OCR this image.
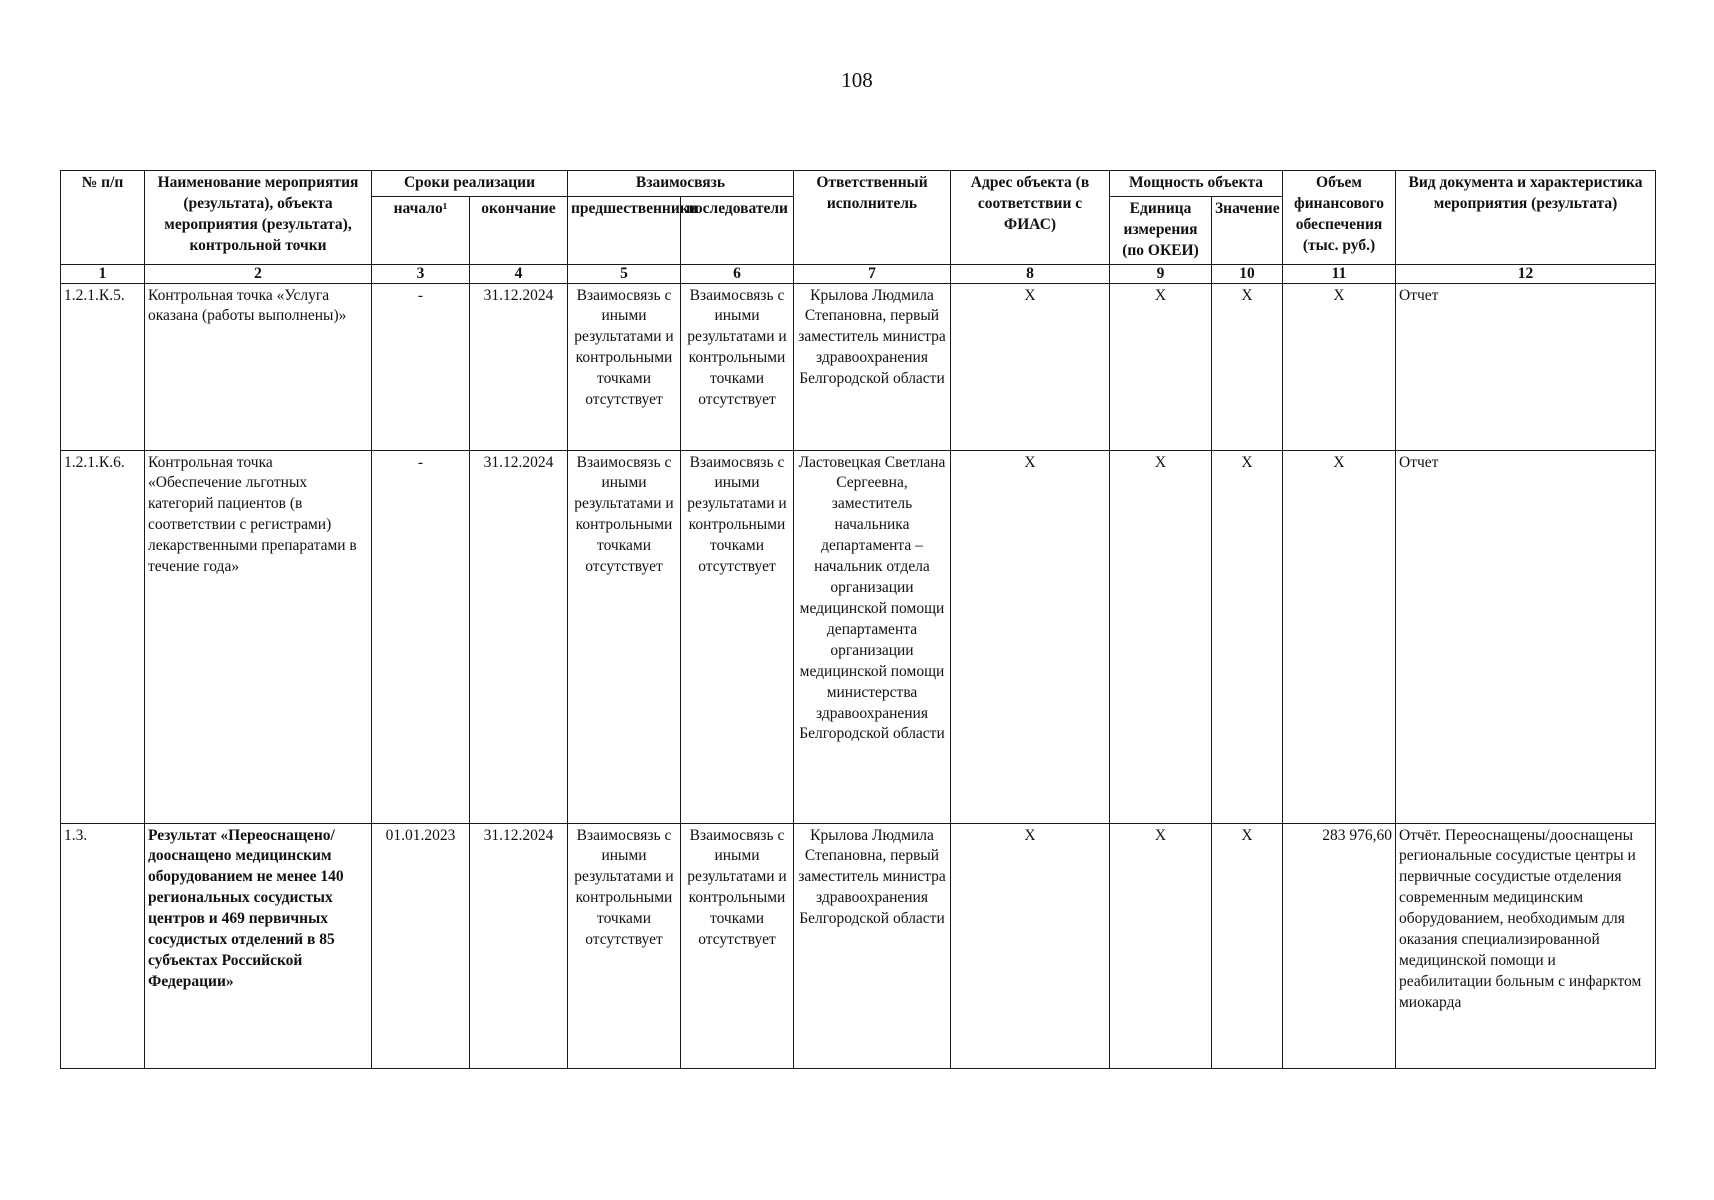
108
№ п/п	Наименование мероприятия (результата), объекта мероприятия (результата), контрольной точки	Сроки реализации		Взаимосвязь		Ответственный исполнитель	Адрес объекта (в соответствии с ФИАС)	Мощность объекта		Объем финансового обеспечения (тыс. руб.)	Вид документа и характеристика мероприятия (результата)
		начало¹	окончание	предшественники	последователи			Единица измерения (по ОКЕИ)	Значение		
1	2	3	4	5	6	7	8	9	10	11	12
1.2.1.К.5.	Контрольная точка «Услуга оказана (работы выполнены)»	-	31.12.2024	Взаимосвязь с иными результатами и контрольными точками отсутствует	Взаимосвязь с иными результатами и контрольными точками отсутствует	Крылова Людмила Степановна, первый заместитель министра здравоохранения Белгородской области	Х	Х	Х	Х	Отчет
1.2.1.К.6.	Контрольная точка «Обеспечение льготных категорий пациентов (в соответствии с регистрами) лекарственными препаратами в течение года»	-	31.12.2024	Взаимосвязь с иными результатами и контрольными точками отсутствует	Взаимосвязь с иными результатами и контрольными точками отсутствует	Ластовецкая Светлана Сергеевна, заместитель начальника департамента – начальник отдела организации медицинской помощи департамента организации медицинской помощи министерства здравоохранения Белгородской области	Х	Х	Х	Х	Отчет
1.3.	Результат «Переоснащено/дооснащено медицинским оборудованием не менее 140 региональных сосудистых центров и 469 первичных сосудистых отделений в 85 субъектах Российской Федерации»	01.01.2023	31.12.2024	Взаимосвязь с иными результатами и контрольными точками отсутствует	Взаимосвязь с иными результатами и контрольными точками отсутствует	Крылова Людмила Степановна, первый заместитель министра здравоохранения Белгородской области	Х	Х	Х	283 976,60	Отчёт. Переоснащены/дооснащены региональные сосудистые центры и первичные сосудистые отделения современным медицинским оборудованием, необходимым для оказания специализированной медицинской помощи и реабилитации больным с инфарктом миокарда
